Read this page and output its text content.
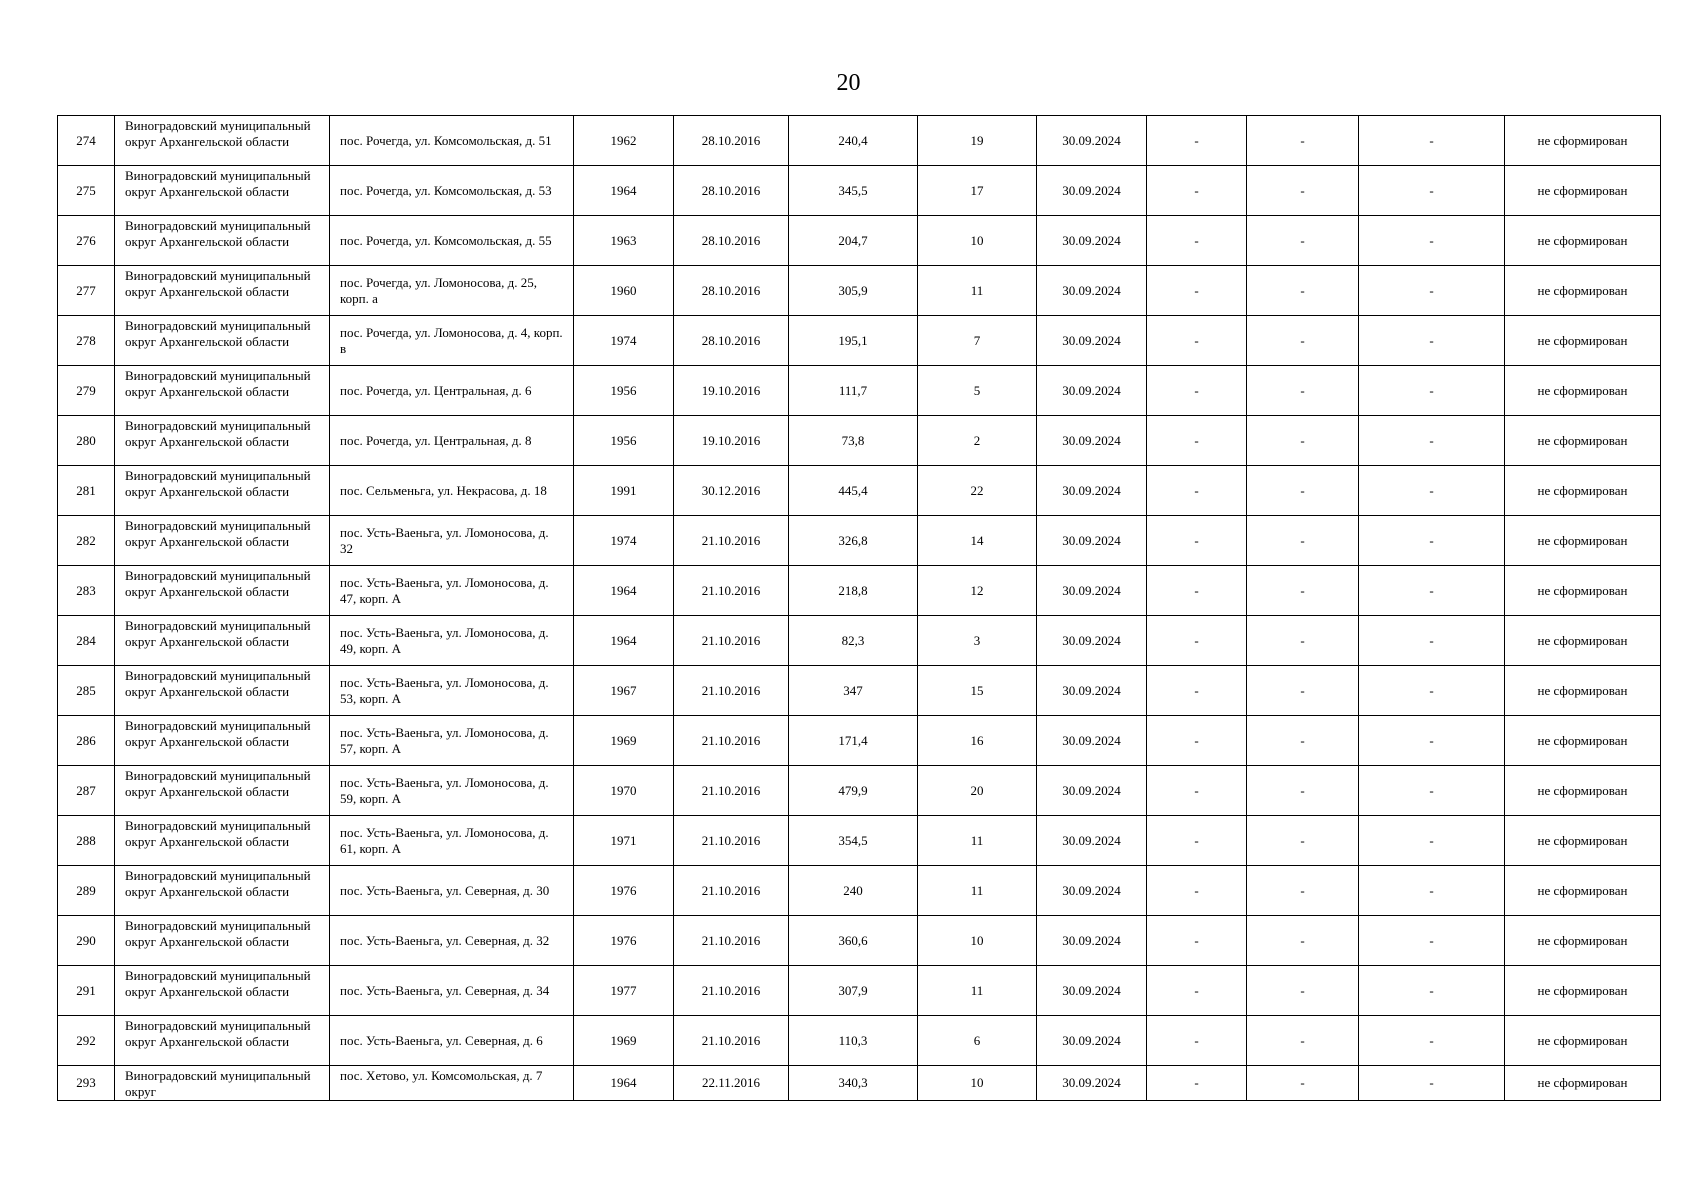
20
274	Виноградовский муниципальный округ Архангельской области	пос. Рочегда, ул. Комсомольская, д. 51	1962	28.10.2016	240,4	19	30.09.2024	-	-	-	не сформирован
275	Виноградовский муниципальный округ Архангельской области	пос. Рочегда, ул. Комсомольская, д. 53	1964	28.10.2016	345,5	17	30.09.2024	-	-	-	не сформирован
276	Виноградовский муниципальный округ Архангельской области	пос. Рочегда, ул. Комсомольская, д. 55	1963	28.10.2016	204,7	10	30.09.2024	-	-	-	не сформирован
277	Виноградовский муниципальный округ Архангельской области	пос. Рочегда, ул. Ломоносова, д. 25, корп. а	1960	28.10.2016	305,9	11	30.09.2024	-	-	-	не сформирован
278	Виноградовский муниципальный округ Архангельской области	пос. Рочегда, ул. Ломоносова, д. 4, корп. в	1974	28.10.2016	195,1	7	30.09.2024	-	-	-	не сформирован
279	Виноградовский муниципальный округ Архангельской области	пос. Рочегда, ул. Центральная, д. 6	1956	19.10.2016	111,7	5	30.09.2024	-	-	-	не сформирован
280	Виноградовский муниципальный округ Архангельской области	пос. Рочегда, ул. Центральная, д. 8	1956	19.10.2016	73,8	2	30.09.2024	-	-	-	не сформирован
281	Виноградовский муниципальный округ Архангельской области	пос. Сельменьга, ул. Некрасова, д. 18	1991	30.12.2016	445,4	22	30.09.2024	-	-	-	не сформирован
282	Виноградовский муниципальный округ Архангельской области	пос. Усть-Ваеньга, ул. Ломоносова, д. 32	1974	21.10.2016	326,8	14	30.09.2024	-	-	-	не сформирован
283	Виноградовский муниципальный округ Архангельской области	пос. Усть-Ваеньга, ул. Ломоносова, д. 47, корп. А	1964	21.10.2016	218,8	12	30.09.2024	-	-	-	не сформирован
284	Виноградовский муниципальный округ Архангельской области	пос. Усть-Ваеньга, ул. Ломоносова, д. 49, корп. А	1964	21.10.2016	82,3	3	30.09.2024	-	-	-	не сформирован
285	Виноградовский муниципальный округ Архангельской области	пос. Усть-Ваеньга, ул. Ломоносова, д. 53, корп. А	1967	21.10.2016	347	15	30.09.2024	-	-	-	не сформирован
286	Виноградовский муниципальный округ Архангельской области	пос. Усть-Ваеньга, ул. Ломоносова, д. 57, корп. А	1969	21.10.2016	171,4	16	30.09.2024	-	-	-	не сформирован
287	Виноградовский муниципальный округ Архангельской области	пос. Усть-Ваеньга, ул. Ломоносова, д. 59, корп. А	1970	21.10.2016	479,9	20	30.09.2024	-	-	-	не сформирован
288	Виноградовский муниципальный округ Архангельской области	пос. Усть-Ваеньга, ул. Ломоносова, д. 61, корп. А	1971	21.10.2016	354,5	11	30.09.2024	-	-	-	не сформирован
289	Виноградовский муниципальный округ Архангельской области	пос. Усть-Ваеньга, ул. Северная, д. 30	1976	21.10.2016	240	11	30.09.2024	-	-	-	не сформирован
290	Виноградовский муниципальный округ Архангельской области	пос. Усть-Ваеньга, ул. Северная, д. 32	1976	21.10.2016	360,6	10	30.09.2024	-	-	-	не сформирован
291	Виноградовский муниципальный округ Архангельской области	пос. Усть-Ваеньга, ул. Северная, д. 34	1977	21.10.2016	307,9	11	30.09.2024	-	-	-	не сформирован
292	Виноградовский муниципальный округ Архангельской области	пос. Усть-Ваеньга, ул. Северная, д. 6	1969	21.10.2016	110,3	6	30.09.2024	-	-	-	не сформирован
293	Виноградовский муниципальный округ	пос. Хетово, ул. Комсомольская, д. 7	1964	22.11.2016	340,3	10	30.09.2024	-	-	-	не сформирован
